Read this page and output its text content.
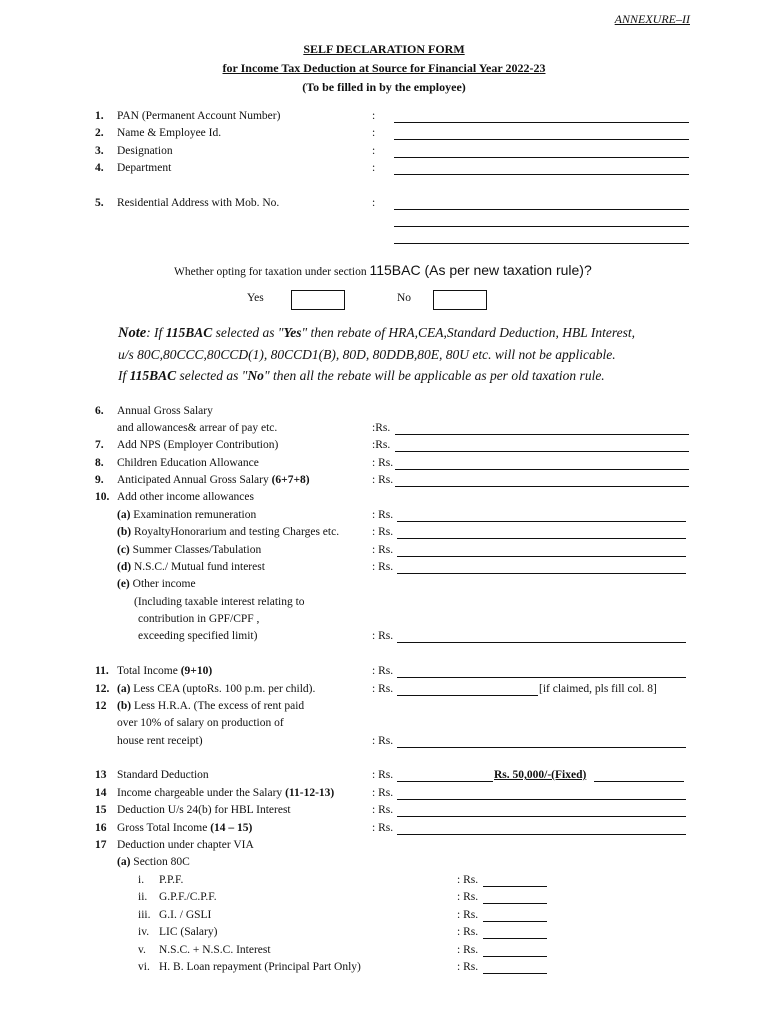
ANNEXURE–II
SELF DECLARATION FORM
for Income Tax Deduction at Source for Financial Year 2022-23
(To be filled in by the employee)
1. PAN (Permanent Account Number)	:
2. Name & Employee Id.	:
3. Designation	:
4. Department	:
5. Residential Address with Mob. No.	:
Whether opting for taxation under section 115BAC (As per new taxation rule)?
Yes	No
Note: If 115BAC selected as "Yes" then rebate of HRA,CEA,Standard Deduction, HBL Interest,
u/s 80C,80CCC,80CCD(1), 80CCD1(B), 80D, 80DDB,80E, 80U etc. will not be applicable.
If 115BAC selected as "No" then all the rebate will be applicable as per old taxation rule.
6. Annual Gross Salary
and allowances& arrear of pay etc.	:Rs.
7. Add NPS (Employer Contribution)	:Rs.
8. Children Education Allowance	: Rs.
9. Anticipated Annual Gross Salary (6+7+8)	: Rs.
10. Add other income allowances
(a) Examination remuneration	: Rs.
(b) RoyaltyHonorarium and testing Charges etc.	: Rs.
(c) Summer Classes/Tabulation	: Rs.
(d) N.S.C./ Mutual fund interest	: Rs.
(e) Other income
(Including taxable interest relating to
contribution in GPF/CPF ,
exceeding specified limit)	: Rs.
11. Total Income (9+10)	: Rs.
12. (a) Less CEA (uptoRs. 100 p.m. per child).	: Rs.	[if claimed, pls fill col. 8]
12 (b) Less H.R.A. (The excess of rent paid
over 10% of salary on production of
house rent receipt)	: Rs.
13 Standard Deduction	: Rs.	Rs. 50,000/-(Fixed)
14 Income chargeable under the Salary (11-12-13)	: Rs.
15 Deduction U/s 24(b) for HBL Interest	: Rs.
16 Gross Total Income (14 – 15)	: Rs.
17 Deduction under chapter VIA
(a) Section 80C
i. P.P.F.	: Rs.
ii. G.P.F./C.P.F.	: Rs.
iii. G.I. / GSLI	: Rs.
iv. LIC (Salary)	: Rs.
v. N.S.C. + N.S.C. Interest	: Rs.
vi. H. B. Loan repayment (Principal Part Only)	: Rs.
